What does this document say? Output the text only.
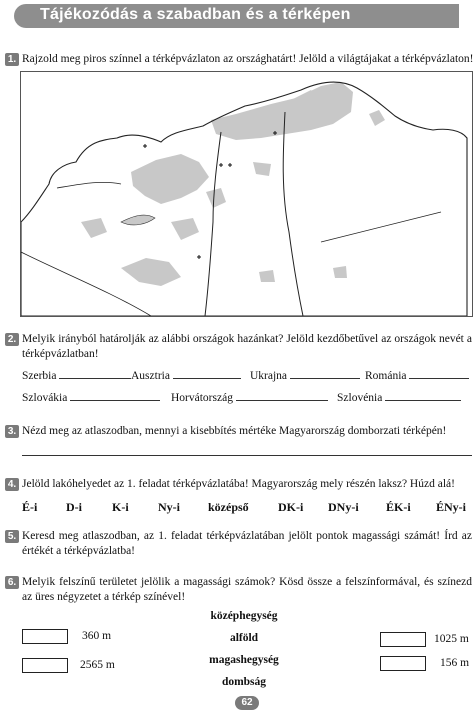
Tájékozódás a szabadban és a térképen
1. Rajzold meg piros színnel a térképvázlaton az országhatárt! Jelöld a világtájakat a térképvázlaton!
2. Melyik irányból határolják az alábbi országok hazánkat? Jelöld kezdőbetűvel az országok nevét a térképvázlatban!
Szerbia	Ausztria	Ukrajna	Románia
Szlovákia	Horvátország	Szlovénia
3. Nézd meg az atlaszodban, mennyi a kisebbítés mértéke Magyarország domborzati térképén!
4. Jelöld lakóhelyedet az 1. feladat térképvázlatába! Magyarország mely részén laksz? Húzd alá!
É-i D-i	K-i Ny-i középső DK-i DNy-i ÉK-i ÉNy-i
5. Keresd meg atlaszodban, az 1. feladat térképvázlatában jelölt pontok magassági számát! Írd az értékét a térképvázlatba!
6. Melyik felszínű területet jelölik a magassági számok? Kösd össze a felszínformával, és színezd az üres négyzetet a térkép színével!
360 m
2565 m
középhegység
alföld
magashegység
dombság
1025 m
156 m
62
